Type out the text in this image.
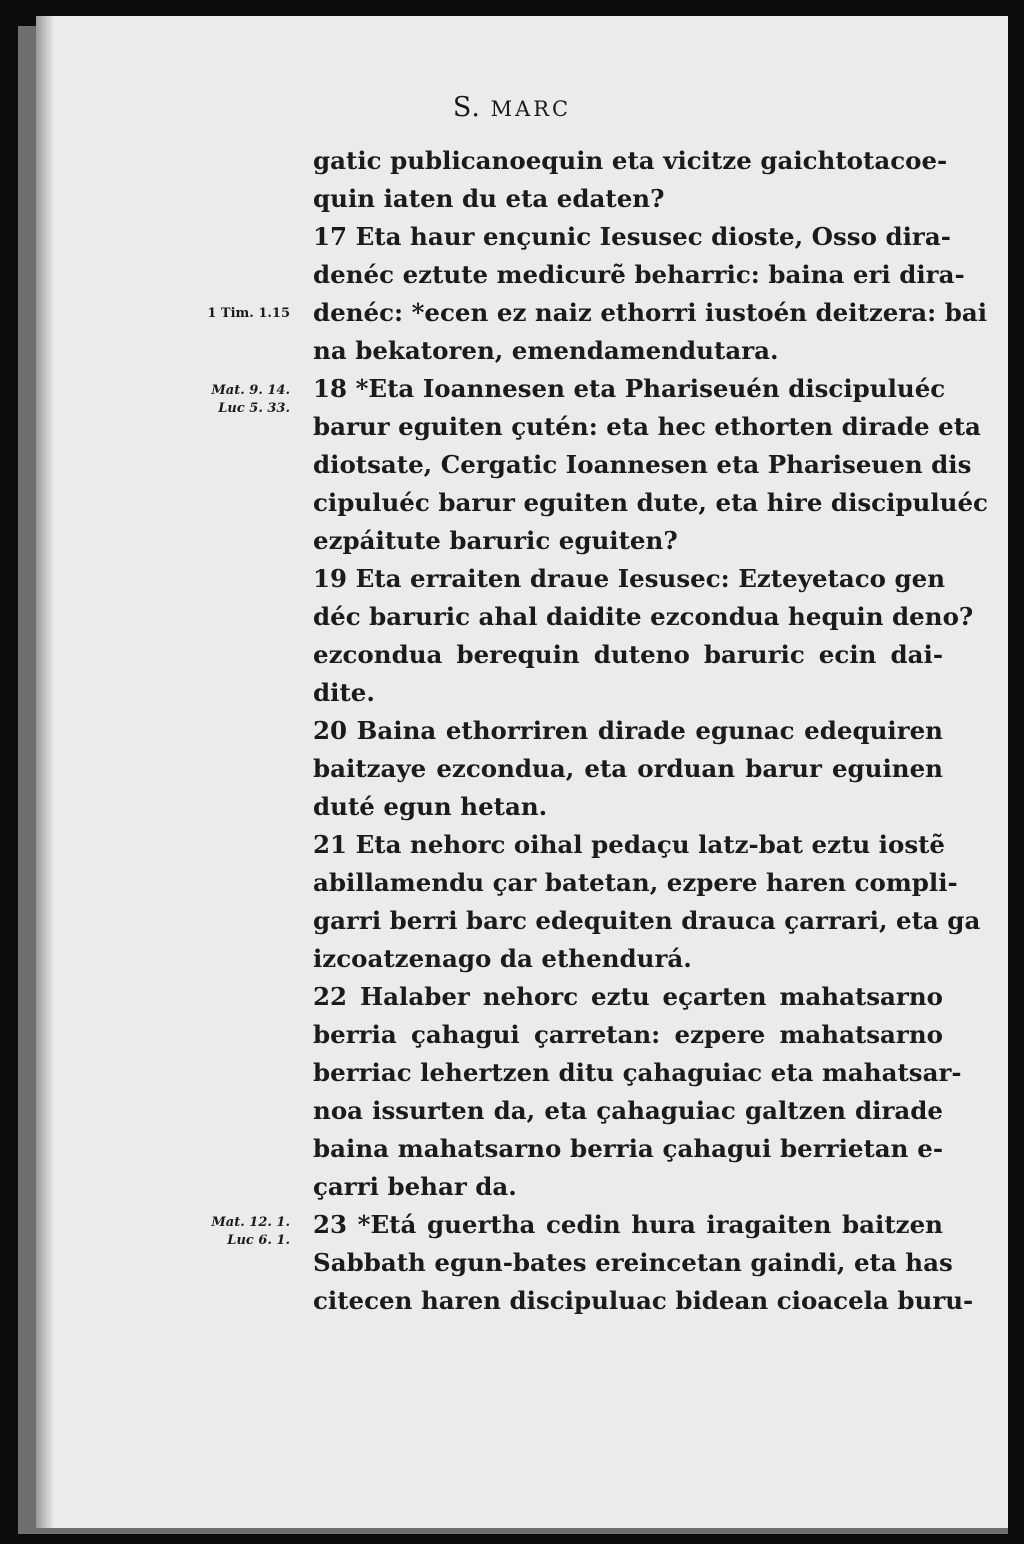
S. MARC
gatic publicanoequin eta vicitze gaichtotacoe-
quin iaten du eta edaten?
17 Eta haur ençunic Iesusec dioste, Osso dira-
denéc eztute medicurẽ beharric: baina eri dira-
denéc: *ecen ez naiz ethorri iustoén deitzera: bai
na bekatoren, emendamendutara.
18 *Eta Ioannesen eta Phariseuén discipuluéc
barur eguiten çutén: eta hec ethorten dirade eta
diotsate, Cergatic Ioannesen eta Phariseuen dis
cipuluéc barur eguiten dute, eta hire discipuluéc
ezpáitute baruric eguiten?
19 Eta erraiten draue Iesusec: Ezteyetaco gen
déc baruric ahal daidite ezcondua hequin deno?
ezcondua berequin duteno baruric ecin dai-
dite.
20 Baina ethorriren dirade egunac edequiren
baitzaye ezcondua, eta orduan barur eguinen
duté egun hetan.
21 Eta nehorc oihal pedaçu latz-bat eztu iostẽ
abillamendu çar batetan, ezpere haren compli-
garri berri barc edequiten drauca çarrari, eta ga
izcoatzenago da ethendurá.
22 Halaber nehorc eztu eçarten mahatsarno
berria çahagui çarretan: ezpere mahatsarno
berriac lehertzen ditu çahaguiac eta mahatsar-
noa issurten da, eta çahaguiac galtzen dirade
baina mahatsarno berria çahagui berrietan e-
çarri behar da.
23 *Etá guertha cedin hura iragaiten baitzen
Sabbath egun-bates ereincetan gaindi, eta has
citecen haren discipuluac bidean cioacela buru-
1 Tim. 1.15
Mat. 9. 14.
Luc 5. 33.
Mat. 12. 1.
Luc 6. 1.
